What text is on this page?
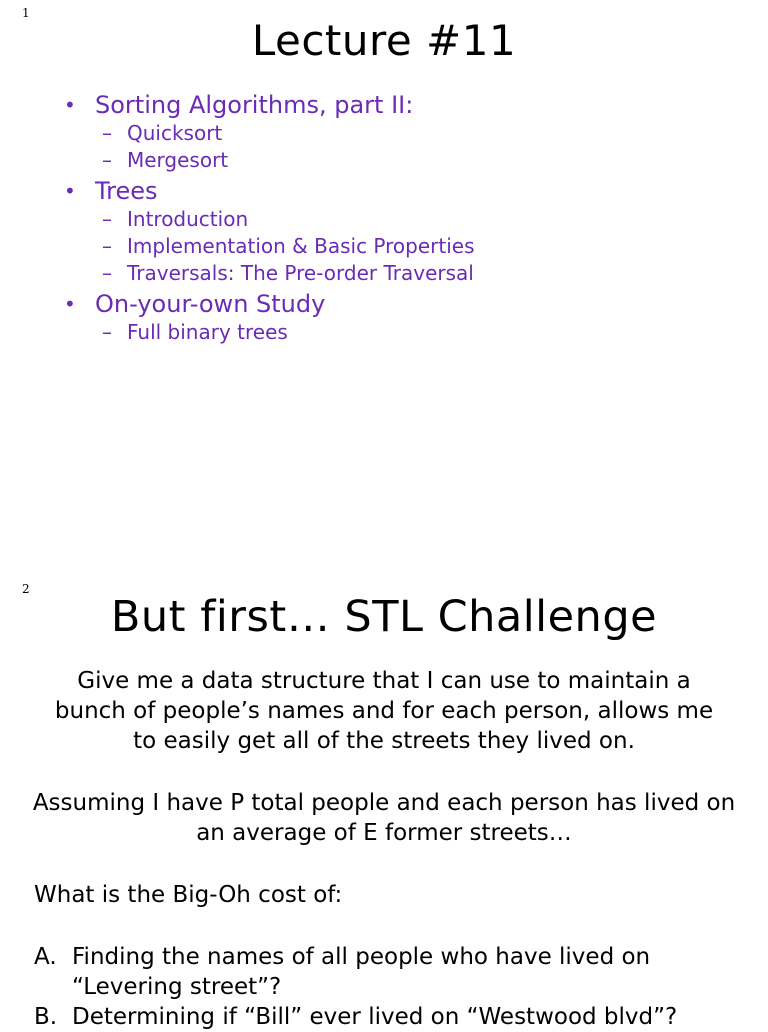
1
Lecture #11
• Sorting Algorithms, part II:
– Quicksort
– Mergesort
• Trees
– Introduction
– Implementation & Basic Properties
– Traversals: The Pre-order Traversal
• On-your-own Study
– Full binary trees
2
But first… STL Challenge
Give me a data structure that I can use to maintain a
bunch of people’s names and for each person, allows me
to easily get all of the streets they lived on.
Assuming I have P total people and each person has lived on
an average of E former streets…
What is the Big-Oh cost of:
A. Finding the names of all people who have lived on “Levering street”?
B. Determining if “Bill” ever lived on “Westwood blvd”?
